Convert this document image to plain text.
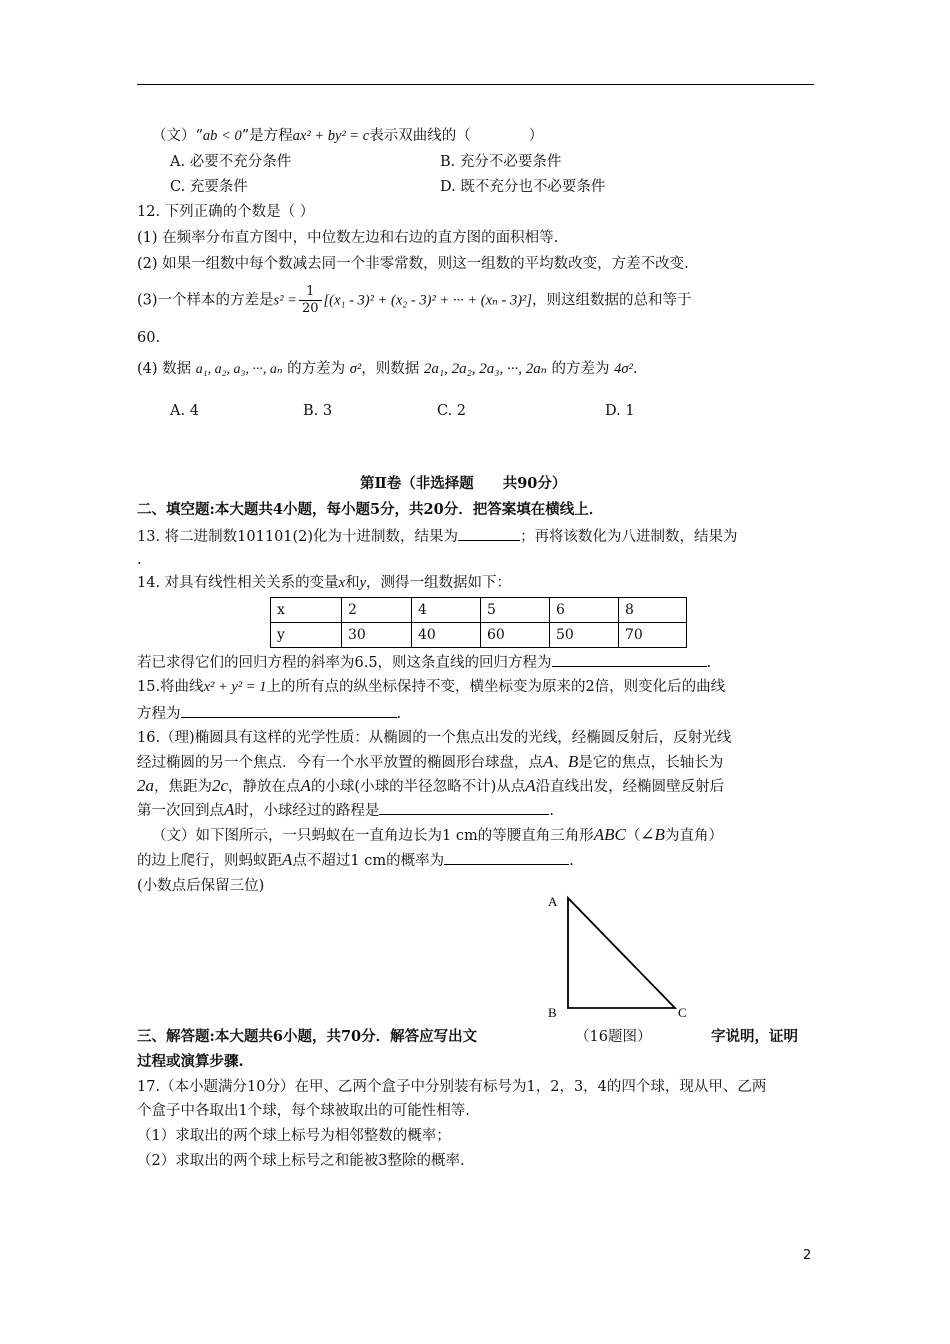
（文）“ab < 0”是方程ax² + by² = c表示双曲线的（　　　　）
A. 必要不充分条件	B. 充分不必要条件
C. 充要条件	D. 既不充分也不必要条件
12. 下列正确的个数是（ ）
(1) 在频率分布直方图中，中位数左边和右边的直方图的面积相等.
(2) 如果一组数中每个数减去同一个非零常数，则这一组数的平均数改变，方差不改变.
(3)一个样本的方差是$s^2 = \frac{1}{20} [(x_1 - 3)^2 + (x_2 - 3)^2$ + ··· + (xₙ - 3)²]，则这组数据的总和等于
60.
(4) 数据 a₁, a₂, a₃, ···, aₙ 的方差为 σ²，则数据 2a₁, 2a₂, 2a₃, ···, 2aₙ 的方差为 4σ².
A. 4	B. 3	C. 2	D. 1
第Ⅱ卷（非选择题　　共90分）
二、填空题:本大题共4小题，每小题5分，共20分．把答案填在横线上．
13. 将二进制数101101(2)化为十进制数，结果为	；再将该数化为八进制数，结果为
.
14. 对具有线性相关关系的变量x和y，测得一组数据如下：
x	2	4	5	6	8
y	30	40	60	50	70
若已求得它们的回归方程的斜率为6.5，则这条直线的回归方程为	.
15.将曲线x² + y² = 1上的所有点的纵坐标保持不变，横坐标变为原来的2倍，则变化后的曲线
方程为	.
16.（理)椭圆具有这样的光学性质：从椭圆的一个焦点出发的光线，经椭圆反射后，反射光线
经过椭圆的另一个焦点．今有一个水平放置的椭圆形台球盘，点A、B是它的焦点，长轴长为
2a，焦距为2c，静放在点A的小球(小球的半径忽略不计)从点A沿直线出发，经椭圆壁反射后
第一次回到点A时，小球经过的路程是	.
（文）如下图所示，一只蚂蚁在一直角边长为1 cm的等腰直角三角形ABC（∠B为直角）
的边上爬行，则蚂蚁距A点不超过1 cm的概率为	.
(小数点后保留三位)
A
B	C
三、解答题:本大题共6小题，共70分．解答应写出文	（16题图）	字说明，证明
过程或演算步骤.
17.（本小题满分10分）在甲、乙两个盒子中分别装有标号为1，2，3，4的四个球，现从甲、乙两
个盒子中各取出1个球，每个球被取出的可能性相等.
（1）求取出的两个球上标号为相邻整数的概率；
（2）求取出的两个球上标号之和能被3整除的概率.
2
